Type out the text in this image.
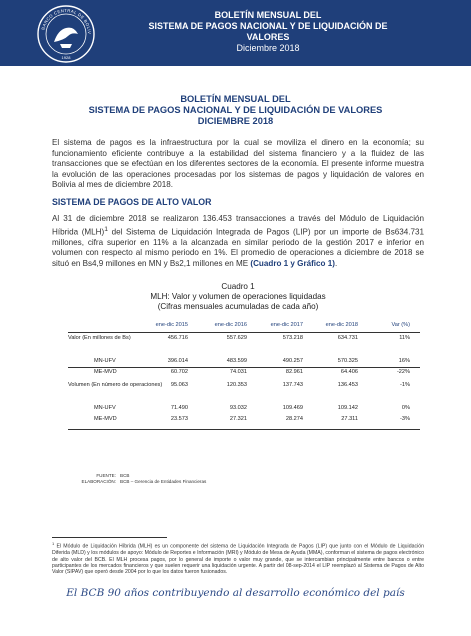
BANCO CENTRAL DE BOLIV
1928
BOLETÍN MENSUAL DEL
SISTEMA DE PAGOS NACIONAL Y DE LIQUIDACIÓN DE
VALORES
Diciembre 2018
BOLETÍN MENSUAL DEL
SISTEMA DE PAGOS NACIONAL Y DE LIQUIDACIÓN DE VALORES
DICIEMBRE 2018

El sistema de pagos es la infraestructura por la cual se moviliza el dinero en la economía; su funcionamiento eficiente contribuye a la estabilidad del sistema financiero y a la fluidez de las transacciones que se efectúan en los diferentes sectores de la economía. El presente informe muestra la evolución de las operaciones procesadas por los sistemas de pagos y liquidación de valores en Bolivia al mes de diciembre 2018.

SISTEMA DE PAGOS DE ALTO VALOR

Al 31 de diciembre 2018 se realizaron 136.453 transacciones a través del Módulo de Liquidación Híbrida (MLH)$^1$ del Sistema de Liquidación Integrada de Pagos (LIP) por un importe de Bs634.731 millones, cifra superior en 11% a la alcanzada en similar periodo de la gestión 2017 e inferior en volumen con respecto al mismo periodo en 1%. El promedio de operaciones a diciembre de 2018 se situó en Bs4,9 millones en MN y Bs2,1 millones en ME (Cuadro 1 y Gráfico 1).

Cuadro 1
MLH: Valor y volumen de operaciones liquidadas
(Cifras mensuales acumuladas de cada año)
ene-dic 2015	ene-dic 2016	ene-dic 2017	ene-dic 2018	Var (%)
Valor (En millones de Bs)	456.716	557.629	573.218	634.731	11%
MN-UFV	396.014	483.599	490.257	570.325	16%
ME-MVD	60.702	74.031	82.961	64.406	-22%
Volumen (En número de operaciones) 95.063	120.353	137.743	136.453	-1%
MN-UFV	71.490	93.032	109.469	109.142	0%
ME-MVD	23.573	27.321	28.274	27.311	-3%
FUENTE: BCB
ELABORACIÓN: BCB – Gerencia de Entidades Financieras

$^1$ El Módulo de Liquidación Híbrida (MLH) es un componente del sistema de Liquidación Integrada de Pagos (LIP) que junto con el Módulo de Liquidación Diferida (MLD) y los módulos de apoyo: Módulo de Reportes e Información (MRI) y Módulo de Mesa de Ayuda (MMA), conforman el sistema de pagos electrónico de alto valor del BCB. El MLH procesa pagos, por lo general de importe o valor muy grande, que se intercambian principalmente entre bancos o entre participantes de los mercados financieros y que suelen requerir una liquidación urgente. A partir del 08-sep-2014 el LIP reemplazó al Sistema de Pagos de Alto Valor (SIPAV) que operó desde 2004 por lo que los datos fueron fusionados.

El BCB 90 años contribuyendo al desarrollo económico del país
